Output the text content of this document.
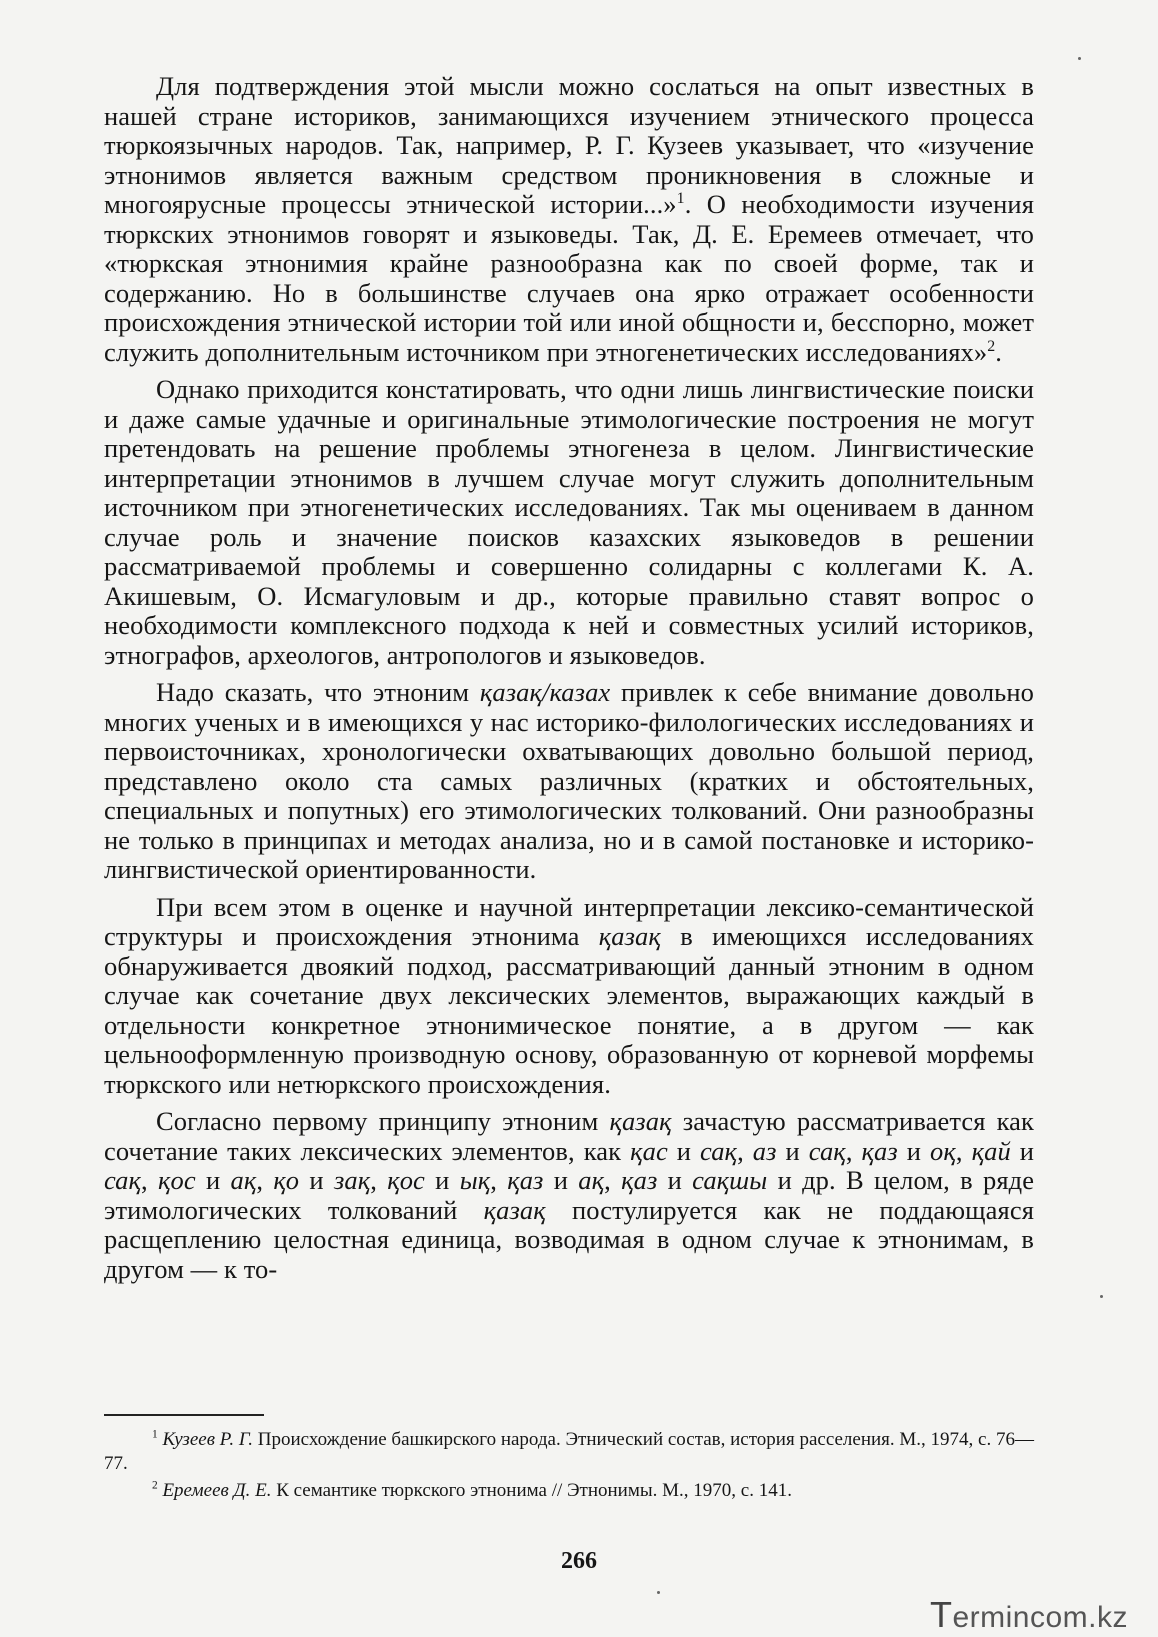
Для подтверждения этой мысли можно сослаться на опыт известных в нашей стране историков, занимающихся изучением этнического процесса тюркоязычных народов. Так, например, Р. Г. Кузеев указывает, что «изучение этнонимов является важным средством проникновения в сложные и многоярусные процессы этнической истории...»$^1$. О необходимости изучения тюркских этнонимов говорят и языковеды. Так, Д. Е. Еремеев отмечает, что «тюркская этнонимия крайне разнообразна как по своей форме, так и содержанию. Но в большинстве случаев она ярко отражает особенности происхождения этнической истории той или иной общности и, бесспорно, может служить дополнительным источником при этногенетических исследованиях»$^2$.

Однако приходится констатировать, что одни лишь лингвистические поиски и даже самые удачные и оригинальные этимологические построения не могут претендовать на решение проблемы этногенеза в целом. Лингвистические интерпретации этнонимов в лучшем случае могут служить дополнительным источником при этногенетических исследованиях. Так мы оцениваем в данном случае роль и значение поисков казахских языковедов в решении рассматриваемой проблемы и совершенно солидарны с коллегами К. А. Акишевым, О. Исмагуловым и др., которые правильно ставят вопрос о необходимости комплексного подхода к ней и совместных усилий историков, этнографов, археологов, антропологов и языковедов.

Надо сказать, что этноним қазақ/казах привлек к себе внимание довольно многих ученых и в имеющихся у нас историко-филологических исследованиях и первоисточниках, хронологически охватывающих довольно большой период, представлено около ста самых различных (кратких и обстоятельных, специальных и попутных) его этимологических толкований. Они разнообразны не только в принципах и методах анализа, но и в самой постановке и историко-лингвистической ориентированности.

При всем этом в оценке и научной интерпретации лексико-семантической структуры и происхождения этнонима қазақ в имеющихся исследованиях обнаруживается двоякий подход, рассматривающий данный этноним в одном случае как сочетание двух лексических элементов, выражающих каждый в отдельности конкретное этнонимическое понятие, а в другом — как цельнооформленную производную основу, образованную от корневой морфемы тюркского или нетюркского происхождения.

Согласно первому принципу этноним қазақ зачастую рассматривается как сочетание таких лексических элементов, как қас и сақ, аз и сақ, қаз и оқ, қай и сақ, қос и ақ, қо и зақ, қос и ық, қаз и ақ, қаз и сақшы и др. В целом, в ряде этимологических толкований қазақ постулируется как не поддающаяся расщеплению целостная единица, возводимая в одном случае к этнонимам, в другом — к то-

$^1$ Кузеев Р. Г. Происхождение башкирского народа. Этнический состав, история расселения. М., 1974, с. 76—77.

$^2$ Еремеев Д. Е. К семантике тюркского этнонима // Этнонимы. М., 1970, с. 141.

266
Termincom.kz
